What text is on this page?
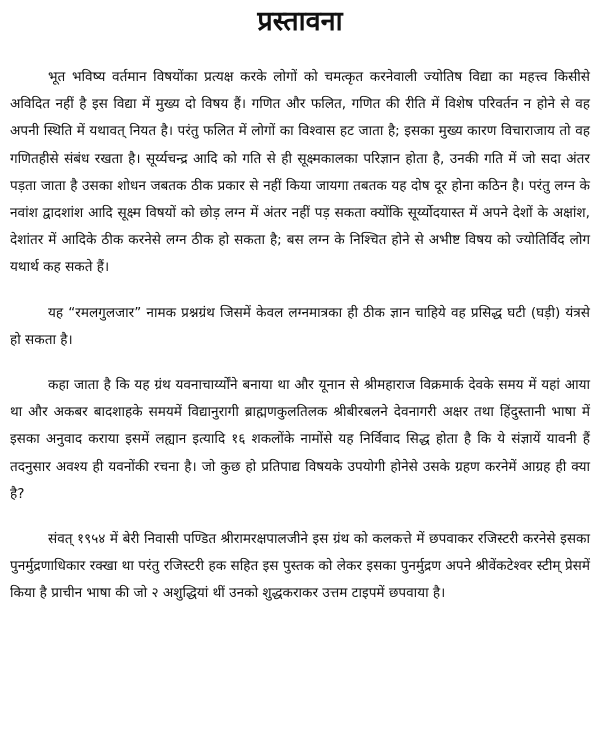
प्रस्तावना

भूत भविष्य वर्तमान विषयोंका प्रत्यक्ष करके लोगों को चमत्कृत करनेवाली ज्योतिष विद्या का महत्त्व किसीसे अविदित नहीं है इस विद्या में मुख्य दो विषय हैं। गणित और फलित, गणित की रीति में विशेष परिवर्तन न होने से वह अपनी स्थिति में यथावत् नियत है। परंतु फलित में लोगों का विश्वास हट जाता है; इसका मुख्य कारण विचाराजाय तो वह गणितहीसे संबंध रखता है। सूर्य्यचन्द्र आदि को गति से ही सूक्ष्मकालका परिज्ञान होता है, उनकी गति में जो सदा अंतर पड़ता जाता है उसका शोधन जबतक ठीक प्रकार से नहीं किया जायगा तबतक यह दोष दूर होना कठिन है। परंतु लग्न के नवांश द्वादशांश आदि सूक्ष्म विषयों को छोड़ लग्न में अंतर नहीं पड़ सकता क्योंकि सूर्य्योदयास्त में अपने देशों के अक्षांश, देशांतर में आदिके ठीक करनेसे लग्न ठीक हो सकता है; बस लग्न के निश्चित होने से अभीष्ट विषय को ज्योतिर्विद लोग यथार्थ कह सकते हैं।

यह “रमलगुलजार” नामक प्रश्नग्रंथ जिसमें केवल लग्नमात्रका ही ठीक ज्ञान चाहिये वह प्रसिद्ध घटी (घड़ी) यंत्रसे हो सकता है।

कहा जाता है कि यह ग्रंथ यवनाचार्य्योंने बनाया था और यूनान से श्रीमहाराज विक्रमार्क देवके समय में यहां आया था और अकबर बादशाहके समयमें विद्यानुरागी ब्राह्मणकुलतिलक श्रीबीरबलने देवनागरी अक्षर तथा हिंदुस्तानी भाषा में इसका अनुवाद कराया इसमें लह्यान इत्यादि १६ शकलोंके नामोंसे यह निर्विवाद सिद्ध होता है कि ये संज्ञायें यावनी हैं तदनुसार अवश्य ही यवनोंकी रचना है। जो कुछ हो प्रतिपाद्य विषयके उपयोगी होनेसे उसके ग्रहण करनेमें आग्रह ही क्या है?

संवत् १९५४ में बेरी निवासी पण्डित श्रीरामरक्षपालजीने इस ग्रंथ को कलकत्ते में छपवाकर रजिस्टरी करनेसे इसका पुनर्मुद्रणाधिकार रक्खा था परंतु रजिस्टरी हक सहित इस पुस्तक को लेकर इसका पुनर्मुद्रण अपने श्रीवेंकटेश्वर स्टीम् प्रेसमें किया है प्राचीन भाषा की जो २ अशुद्धियां थीं उनको शुद्धकराकर उत्तम टाइपमें छपवाया है।
